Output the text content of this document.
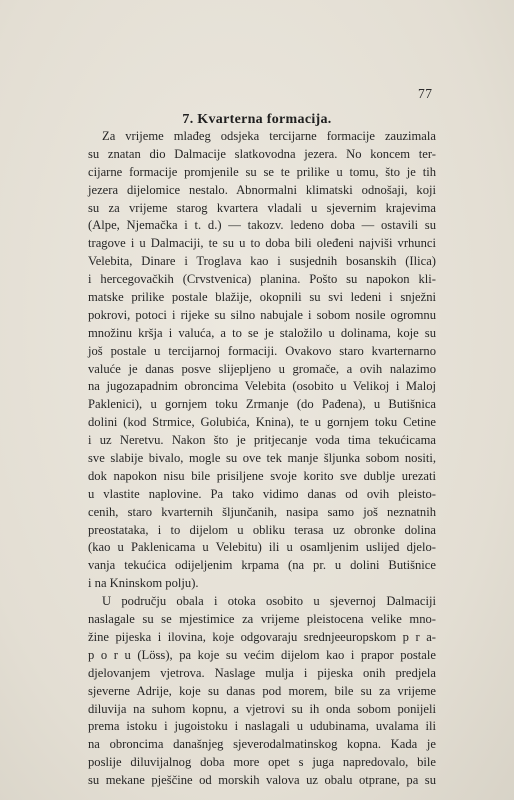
77
7. Kvarterna formacija.
Za vrijeme mlađeg odsjeka tercijarne formacije zauzimala
su znatan dio Dalmacije slatkovodna jezera. No koncem ter-
cijarne formacije promjenile su se te prilike u tomu, što je tih
jezera dijelomice nestalo. Abnormalni klimatski odnošaji, koji
su za vrijeme starog kvartera vladali u sjevernim krajevima
(Alpe, Njemačka i t. d.) — takozv. ledeno doba — ostavili su
tragove i u Dalmaciji, te su u to doba bili oleđeni najviši vrhunci
Velebita, Dinare i Troglava kao i susjednih bosanskih (Ilica)
i hercegovačkih (Crvstvenica) planina. Pošto su napokon kli-
matske prilike postale blažije, okopnili su svi ledeni i snježni
pokrovi, potoci i rijeke su silno nabujale i sobom nosile ogromnu
množinu kršja i valuća, a to se je staložilo u dolinama, koje su
još postale u tercijarnoj formaciji. Ovakovo staro kvarternarno
valuće je danas posve slijepljeno u gromače, a ovih nalazimo
na jugozapadnim obroncima Velebita (osobito u Velikoj i Maloj
Paklenici), u gornjem toku Zrmanje (do Pađena), u Butišnica
dolini (kod Strmice, Golubića, Knina), te u gornjem toku Cetine
i uz Neretvu. Nakon što je pritjecanje voda tima tekućicama
sve slabije bivalo, mogle su ove tek manje šljunka sobom nositi,
dok napokon nisu bile prisiljene svoje korito sve dublje urezati
u vlastite naplovine. Pa tako vidimo danas od ovih pleisto-
cenih, staro kvarternih šljunčanih, nasipa samo još neznatnih
preostataka, i to dijelom u obliku terasa uz obronke dolina
(kao u Paklenicama u Velebitu) ili u osamljenim uslijed djelo-
vanja tekućica odijeljenim krpama (na pr. u dolini Butišnice
i na Kninskom polju).
U području obala i otoka osobito u sjevernoj Dalmaciji
naslagale su se mjestimice za vrijeme pleistocena velike mno-
žine pijeska i ilovina, koje odgovaraju srednjeeuropskom p r a-
p o r u (Löss), pa koje su većim dijelom kao i prapor postale
djelovanjem vjetrova. Naslage mulja i pijeska onih predjela
sjeverne Adrije, koje su danas pod morem, bile su za vrijeme
diluvija na suhom kopnu, a vjetrovi su ih onda sobom ponijeli
prema istoku i jugoistoku i naslagali u udubinama, uvalama ili
na obroncima današnjeg sjeverodalmatinskog kopna. Kada je
poslije diluvijalnog doba more opet s juga napredovalo, bile
su mekane pješčine od morskih valova uz obalu otprane, pa su
